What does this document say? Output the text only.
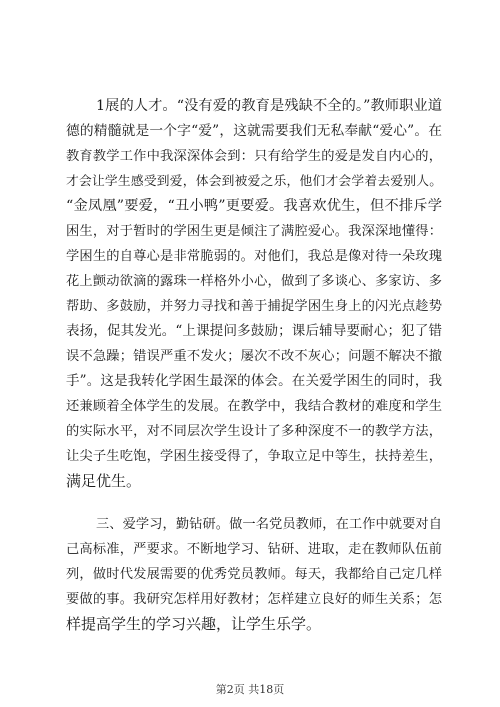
1展的人才。“没有爱的教育是残缺不全的。”教师职业道
德的精髓就是一个字“爱”，这就需要我们无私奉献“爱心”。在
教育教学工作中我深深体会到：只有给学生的爱是发自内心的，
才会让学生感受到爱，体会到被爱之乐，他们才会学着去爱别人。
“金凤凰”要爱，“丑小鸭”更要爱。我喜欢优生，但不排斥学
困生，对于暂时的学困生更是倾注了满腔爱心。我深深地懂得：
学困生的自尊心是非常脆弱的。对他们，我总是像对待一朵玫瑰
花上颤动欲滴的露珠一样格外小心，做到了多谈心、多家访、多
帮助、多鼓励，并努力寻找和善于捕捉学困生身上的闪光点趁势
表扬，促其发光。“上课提问多鼓励；课后辅导要耐心；犯了错
误不急躁；错误严重不发火；屡次不改不灰心；问题不解决不撤
手”。这是我转化学困生最深的体会。在关爱学困生的同时，我
还兼顾着全体学生的发展。在教学中，我结合教材的难度和学生
的实际水平，对不同层次学生设计了多种深度不一的教学方法，
让尖子生吃饱，学困生接受得了，争取立足中等生，扶持差生，
满足优生。
三、爱学习，勤钻研。做一名党员教师，在工作中就要对自
己高标准，严要求。不断地学习、钻研、进取，走在教师队伍前
列，做时代发展需要的优秀党员教师。每天，我都给自己定几样
要做的事。我研究怎样用好教材；怎样建立良好的师生关系；怎
样提高学生的学习兴趣，让学生乐学。
第2页 共18页
